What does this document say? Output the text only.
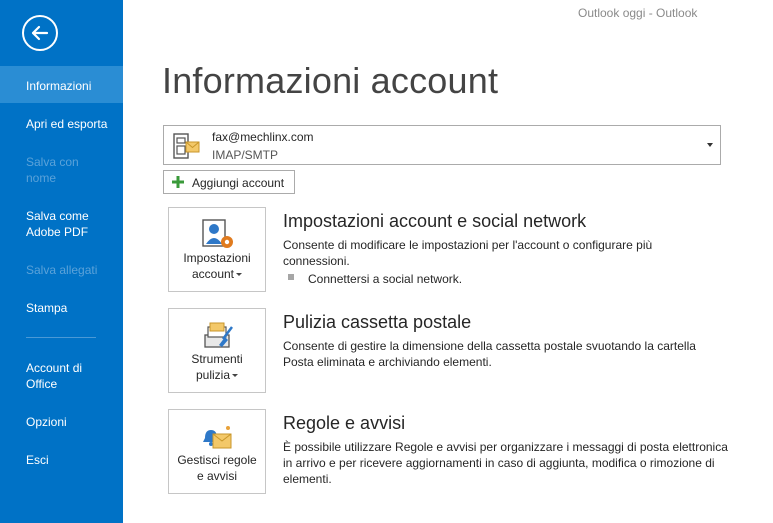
Informazioni
Apri ed esporta
Salva con nome
Salva come Adobe PDF
Salva allegati
Stampa
Account di Office
Opzioni
Esci
Outlook oggi - Outlook
Informazioni account
fax@mechlinx.com
IMAP/SMTP
Aggiungi account
Impostazioni
account
Impostazioni account e social network
Consente di modificare le impostazioni per l'account o configurare più connessioni.
Connettersi a social network.
Strumenti
pulizia
Pulizia cassetta postale
Consente di gestire la dimensione della cassetta postale svuotando la cartella Posta eliminata e archiviando elementi.
Gestisci regole
e avvisi
Regole e avvisi
È possibile utilizzare Regole e avvisi per organizzare i messaggi di posta elettronica in arrivo e per ricevere aggiornamenti in caso di aggiunta, modifica o rimozione di elementi.
